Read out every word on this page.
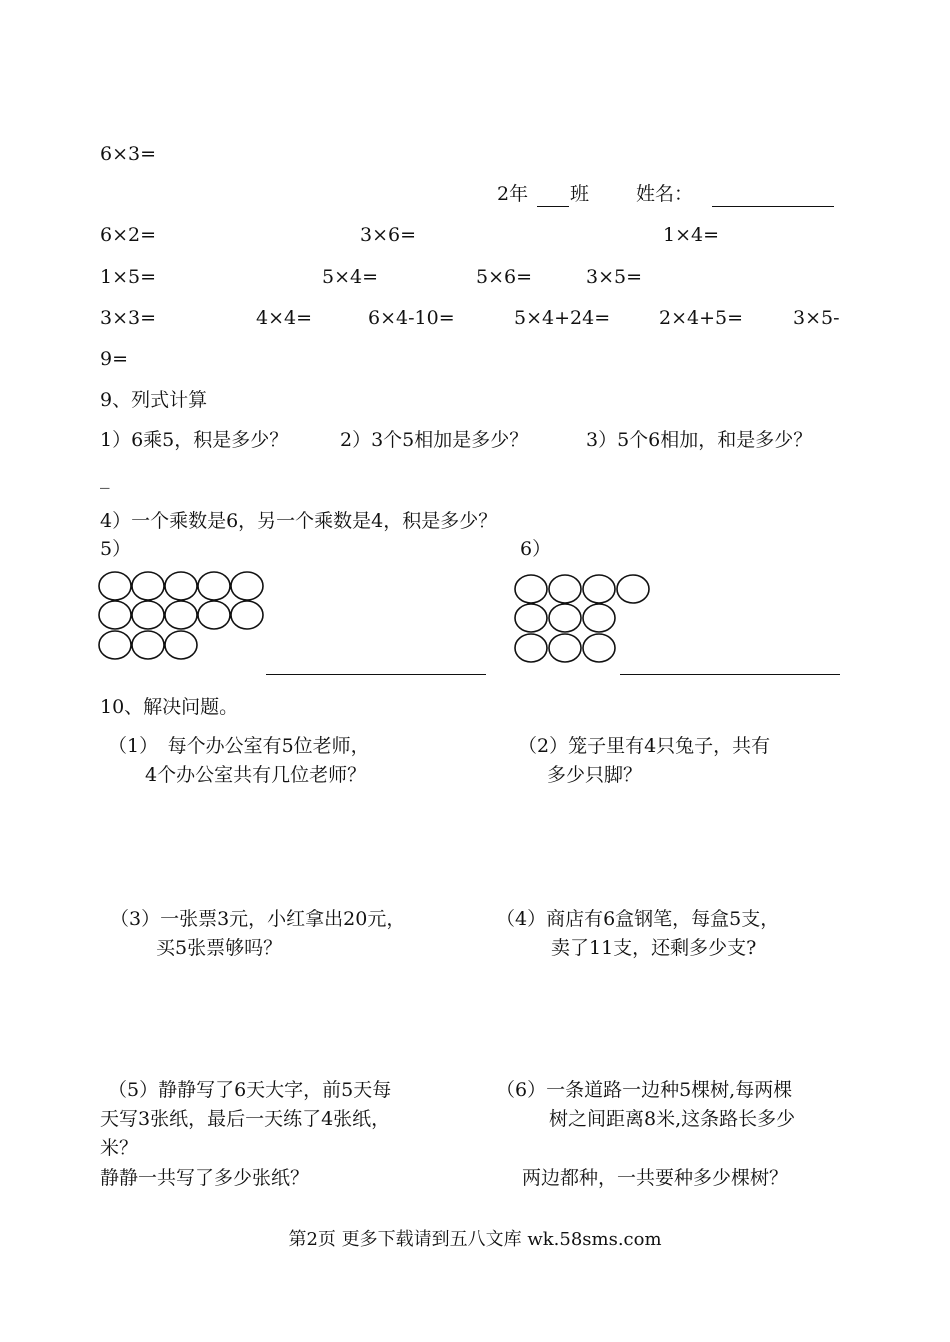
6×3=
2年 班 姓名：
6×2=	3×6=	1×4=
1×5=	5×4=	5×6=	3×5=
3×3=	4×4=	6×4-10=	5×4+24=	2×4+5=	3×5-
9=
9、列式计算
1）6乘5，积是多少？	2）3个5相加是多少？	3）5个6相加，和是多少？
_
4）一个乘数是6，另一个乘数是4，积是多少？
5）	6）
10、解决问题。
（1）　每个办公室有5位老师，
4个办公室共有几位老师？
（2）笼子里有4只兔子，共有
多少只脚？
（3）一张票3元，小红拿出20元，
买5张票够吗？
（4）商店有6盒钢笔，每盒5支，
卖了11支，还剩多少支?
（5）静静写了6天大字，前5天每
天写3张纸，最后一天练了4张纸，
米？
静静一共写了多少张纸？
（6）一条道路一边种5棵树,每两棵
树之间距离8米,这条路长多少
两边都种，一共要种多少棵树？
第2页 更多下载请到五八文库 wk.58sms.com
